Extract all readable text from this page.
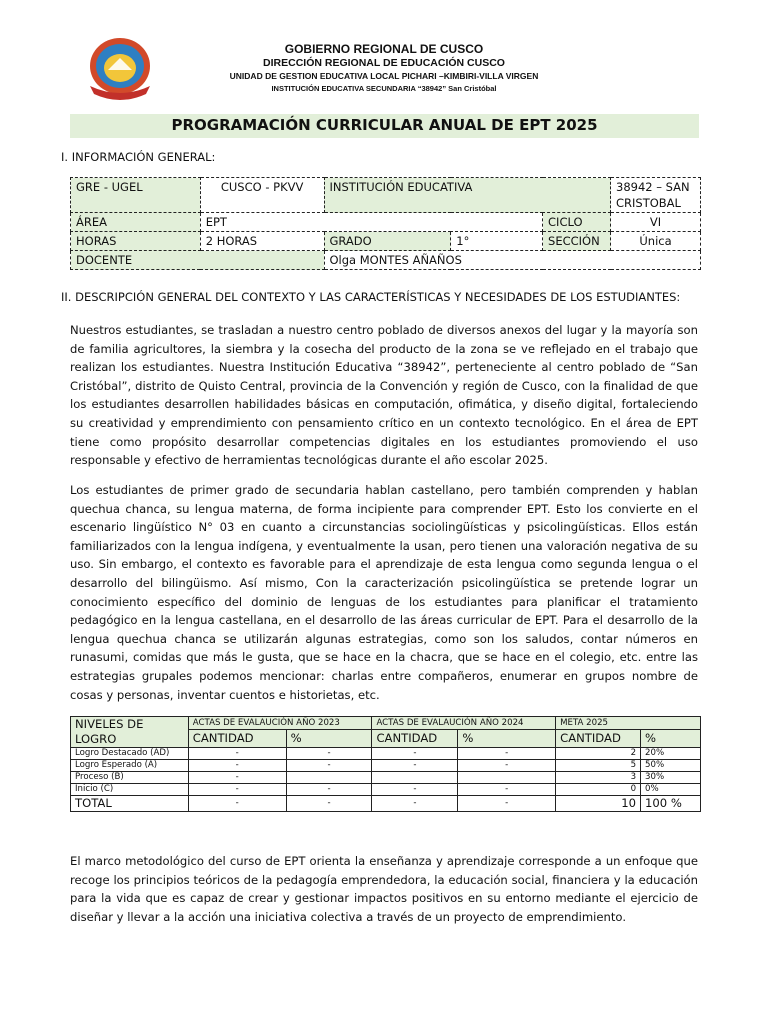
GOBIERNO REGIONAL DE CUSCO
DIRECCIÓN REGIONAL DE EDUCACIÓN CUSCO
UNIDAD DE GESTION EDUCATIVA LOCAL PICHARI –KIMBIRI-VILLA VIRGEN
INSTITUCIÓN EDUCATIVA SECUNDARIA “38942” San Cristóbal
PROGRAMACIÓN CURRICULAR ANUAL DE EPT 2025
I. INFORMACIÓN GENERAL:
GRE - UGEL	CUSCO - PKVV	INSTITUCIÓN EDUCATIVA			38942 – SAN CRISTOBAL
ÁREA	EPT			CICLO	VI
HORAS	2 HORAS	GRADO	1°	SECCIÓN	Única
DOCENTE		Olga MONTES AÑAÑOS			
II. DESCRIPCIÓN GENERAL DEL CONTEXTO Y LAS CARACTERÍSTICAS Y NECESIDADES DE LOS ESTUDIANTES:
Nuestros estudiantes, se trasladan a nuestro centro poblado de diversos anexos del lugar y la mayoría son de familia agricultores, la siembra y la cosecha del producto de la zona se ve reflejado en el trabajo que realizan los estudiantes. Nuestra Institución Educativa “38942”, perteneciente al centro poblado de “San Cristóbal”, distrito de Quisto Central, provincia de la Convención y región de Cusco, con la finalidad de que los estudiantes desarrollen habilidades básicas en computación, ofimática, y diseño digital, fortaleciendo su creatividad y emprendimiento con pensamiento crítico en un contexto tecnológico. En el área de EPT tiene como propósito desarrollar competencias digitales en los estudiantes promoviendo el uso responsable y efectivo de herramientas tecnológicas durante el año escolar 2025.
Los estudiantes de primer grado de secundaria hablan castellano, pero también comprenden y hablan quechua chanca, su lengua materna, de forma incipiente para comprender EPT. Esto los convierte en el escenario lingüístico N° 03 en cuanto a circunstancias sociolingüísticas y psicolingüísticas. Ellos están familiarizados con la lengua indígena, y eventualmente la usan, pero tienen una valoración negativa de su uso. Sin embargo, el contexto es favorable para el aprendizaje de esta lengua como segunda lengua o el desarrollo del bilingüismo. Así mismo, Con la caracterización psicolingüística se pretende lograr un conocimiento específico del dominio de lenguas de los estudiantes para planificar el tratamiento pedagógico en la lengua castellana, en el desarrollo de las áreas curricular de EPT. Para el desarrollo de la lengua quechua chanca se utilizarán algunas estrategias, como son los saludos, contar números en runasumi, comidas que más le gusta, que se hace en la chacra, que se hace en el colegio, etc. entre las estrategias grupales podemos mencionar: charlas entre compañeros, enumerar en grupos nombre de cosas y personas, inventar cuentos e historietas, etc.
NIVELES DE LOGRO	ACTAS DE EVALAUCIÓN AÑO 2023		ACTAS DE EVALAUCIÓN AÑO 2024		META 2025	
	CANTIDAD	%	CANTIDAD	%	CANTIDAD	%
Logro Destacado (AD)	-	-	-	-	2	20%
Logro Esperado (A)	-	-	-	-	5	50%
Proceso (B)	-				3	30%
Inicio (C)	-	-	-	-	0	0%
TOTAL	-	-	-	-	10	100 %
El marco metodológico del curso de EPT orienta la enseñanza y aprendizaje corresponde a un enfoque que recoge los principios teóricos de la pedagogía emprendedora, la educación social, financiera y la educación para la vida que es capaz de crear y gestionar impactos positivos en su entorno mediante el ejercicio de diseñar y llevar a la acción una iniciativa colectiva a través de un proyecto de emprendimiento.
